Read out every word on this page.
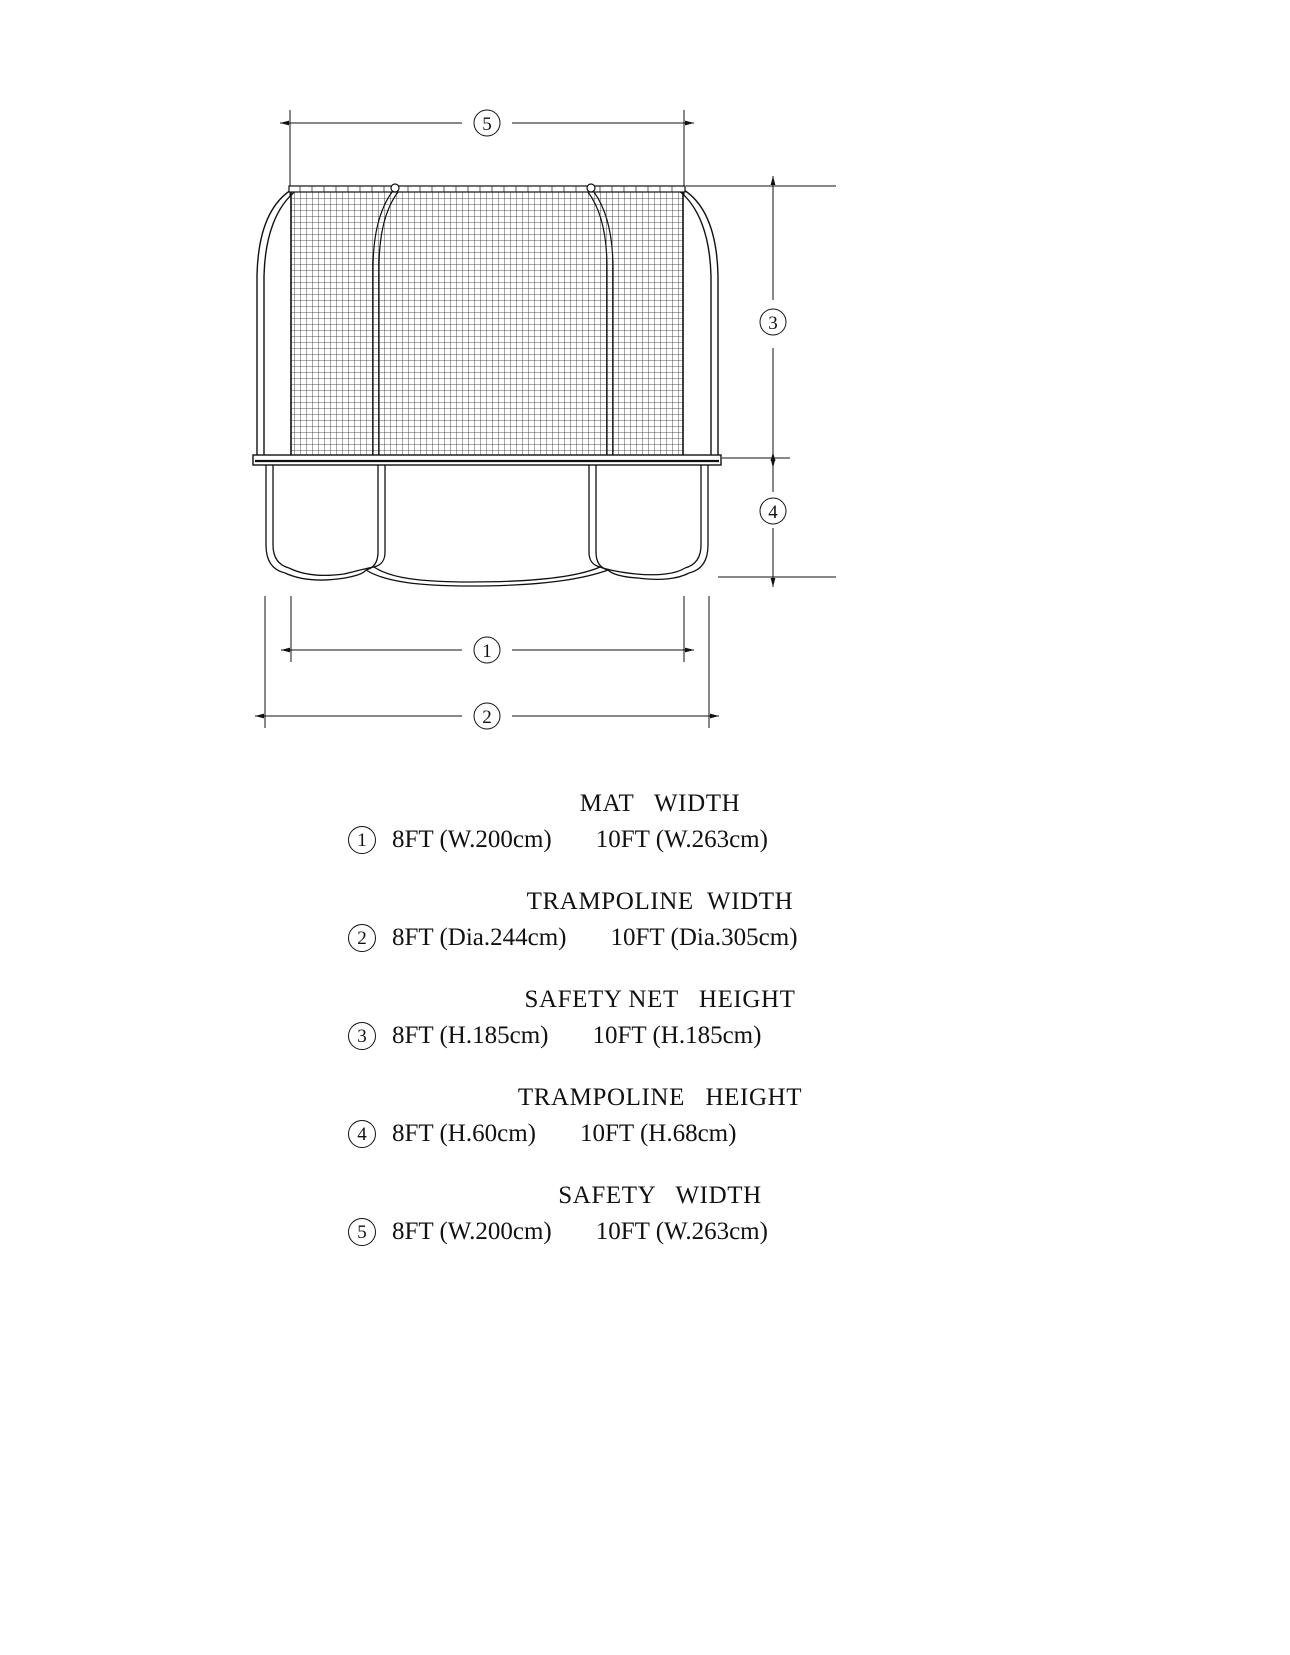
5
3
4
1
2
MAT   WIDTH
1	8FT (W.200cm) 10FT (W.263cm)
TRAMPOLINE  WIDTH
2	8FT (Dia.244cm) 10FT (Dia.305cm)
SAFETY NET   HEIGHT
3	8FT (H.185cm) 10FT (H.185cm)
TRAMPOLINE   HEIGHT
4	8FT (H.60cm) 10FT (H.68cm)
SAFETY   WIDTH
5	8FT (W.200cm) 10FT (W.263cm)
